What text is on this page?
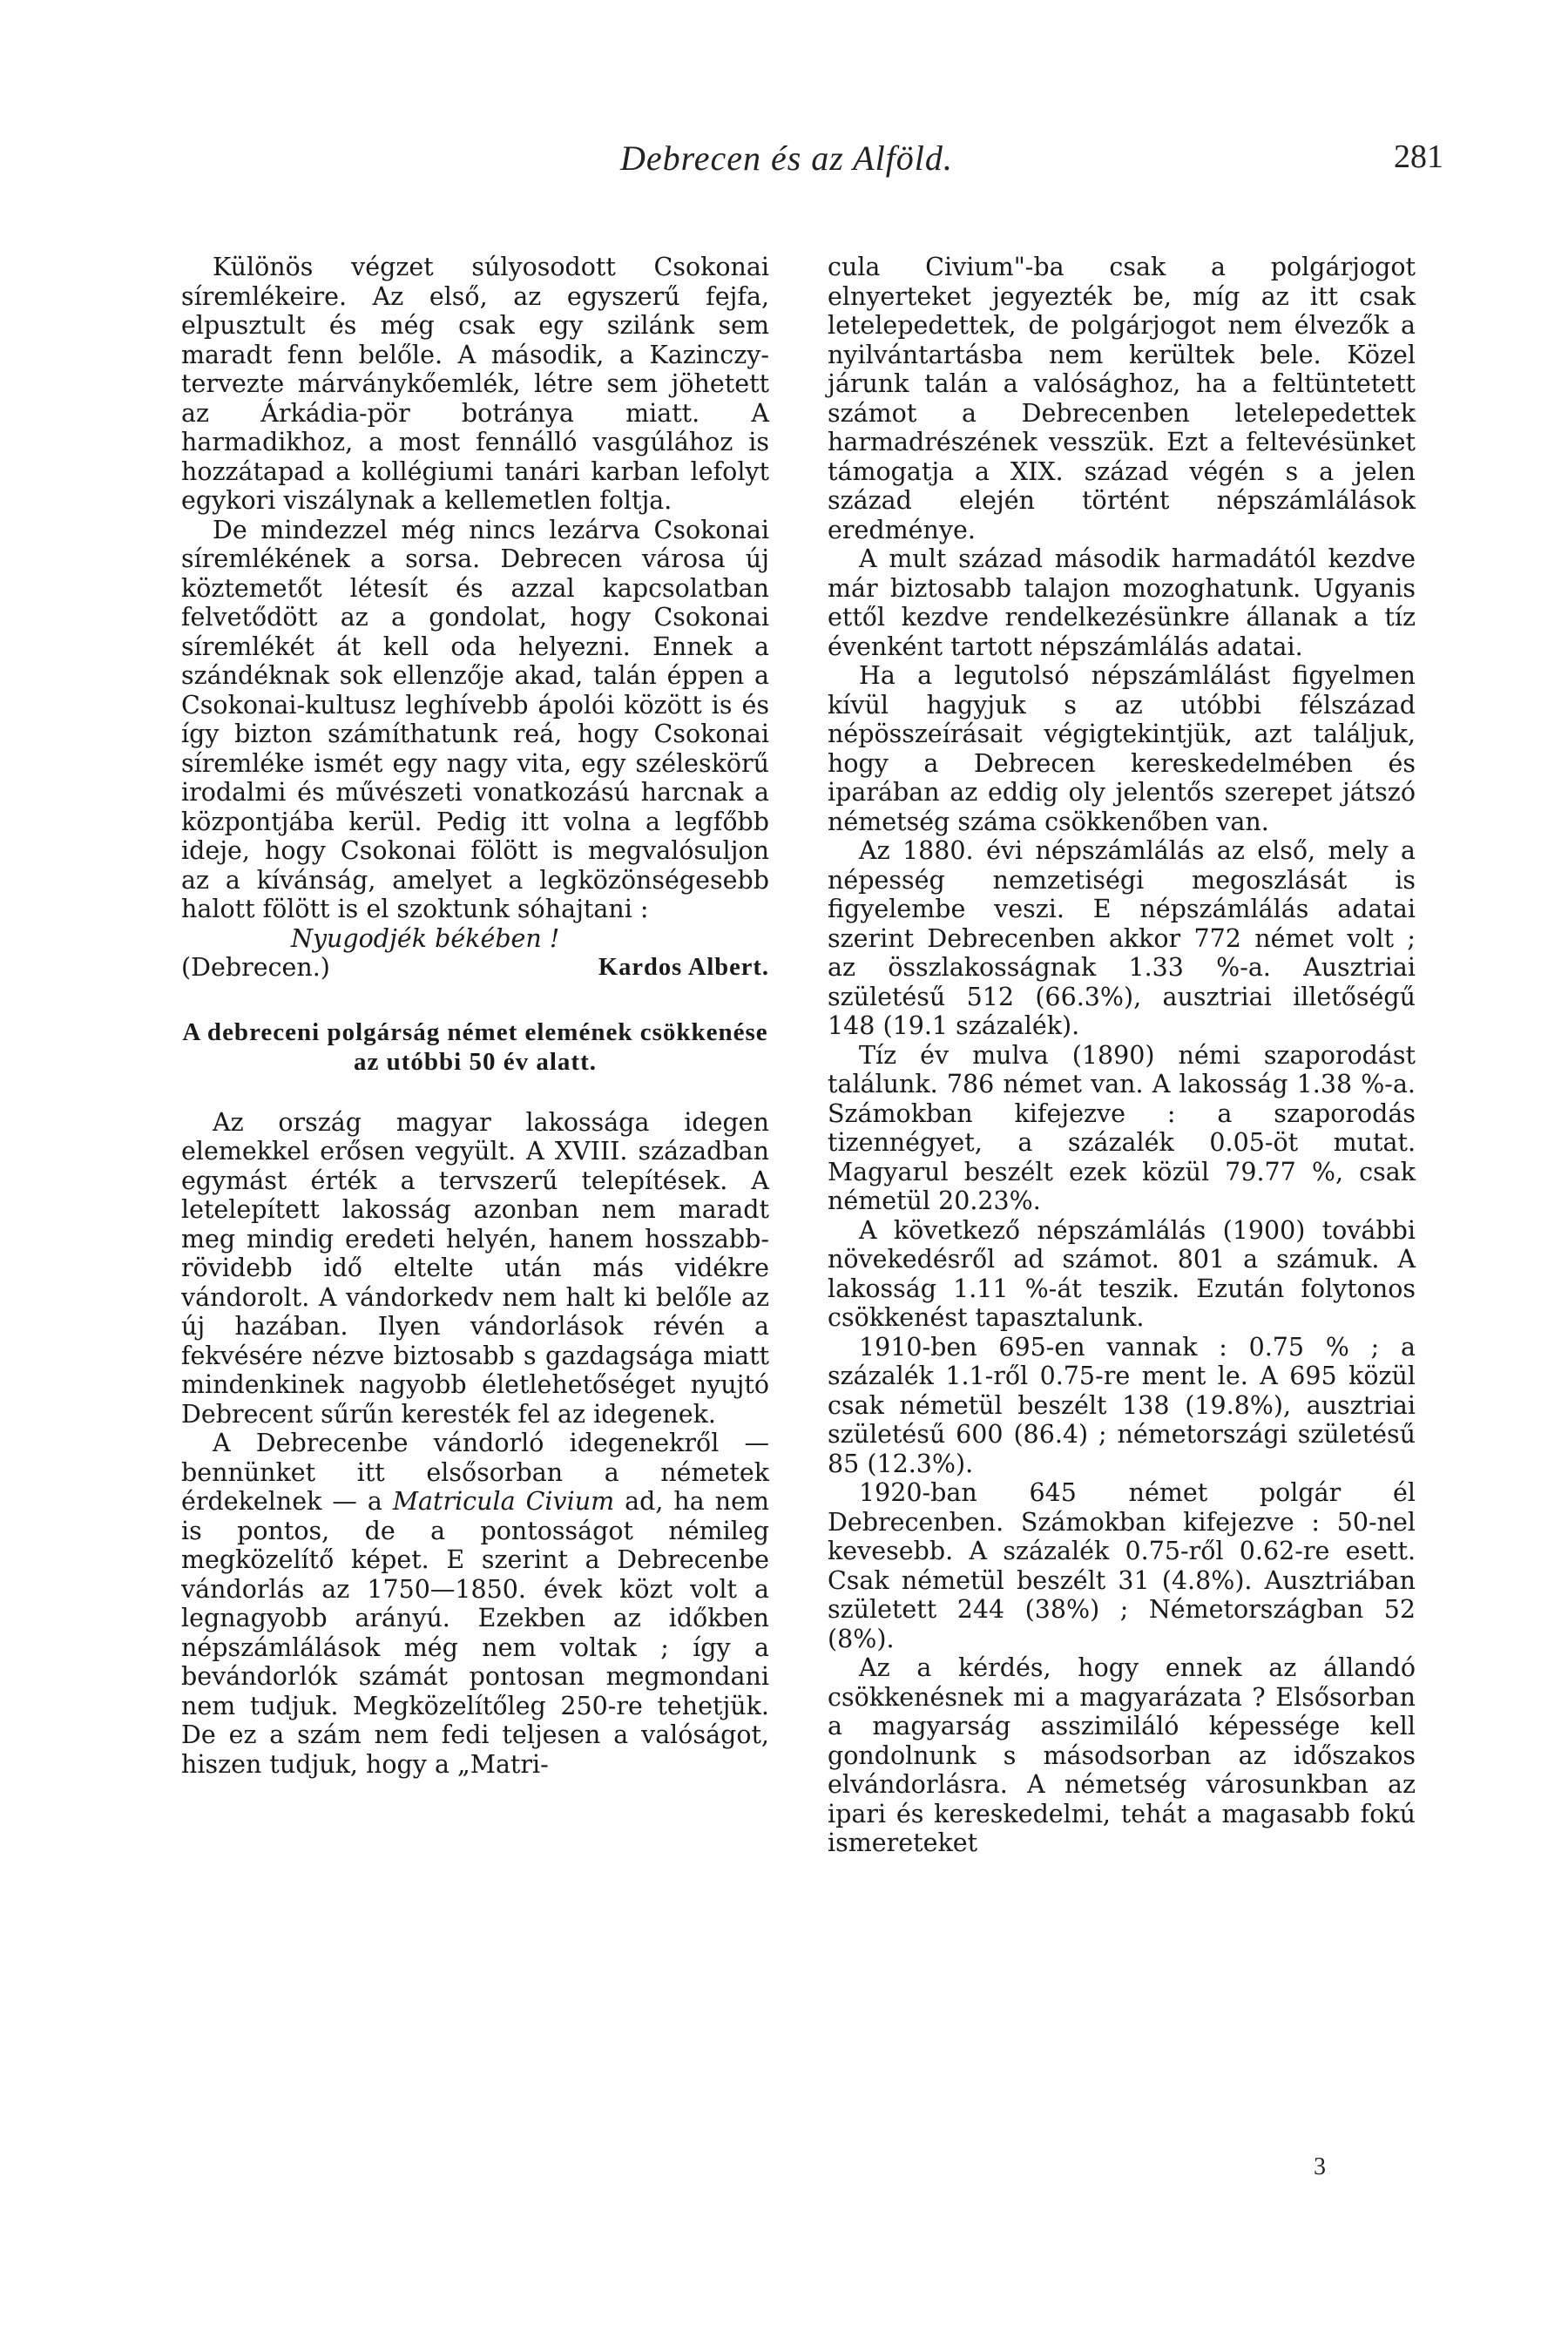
Debrecen és az Alföld.	281

Különös végzet súlyosodott Csokonai síremlékeire. Az első, az egyszerű fejfa, elpusztult és még csak egy szilánk sem maradt fenn belőle. A második, a Kazinczy-tervezte márványkőemlék, létre sem jöhetett az Árkádia-pör botránya miatt. A harmadikhoz, a most fennálló vasgúlához is hozzátapad a kollégiumi tanári karban lefolyt egykori viszálynak a kellemetlen foltja.

De mindezzel még nincs lezárva Csokonai síremlékének a sorsa. Debrecen városa új köztemetőt létesít és azzal kapcsolatban felvetődött az a gondolat, hogy Csokonai síremlékét át kell oda helyezni. Ennek a szándéknak sok ellenzője akad, talán éppen a Csokonai-kultusz leghívebb ápolói között is és így bizton számíthatunk reá, hogy Csokonai síremléke ismét egy nagy vita, egy széleskörű irodalmi és művészeti vonatkozású harcnak a központjába kerül. Pedig itt volna a legfőbb ideje, hogy Csokonai fölött is megvalósuljon az a kívánság, amelyet a legközönségesebb halott fölött is el szoktunk sóhajtani :

Nyugodjék békében !

(Debrecen.)	Kardos Albert.
A debreceni polgárság német elemének csökkenése az utóbbi 50 év alatt.

Az ország magyar lakossága idegen elemekkel erősen vegyült. A XVIII. században egymást érték a tervszerű telepítések. A letelepített lakosság azonban nem maradt meg mindig eredeti helyén, hanem hosszabb-rövidebb idő eltelte után más vidékre vándorolt. A vándorkedv nem halt ki belőle az új hazában. Ilyen vándorlások révén a fekvésére nézve biztosabb s gazdagsága miatt mindenkinek nagyobb életlehetőséget nyujtó Debrecent sűrűn keresték fel az idegenek.

A Debrecenbe vándorló idegenekről — bennünket itt elsősorban a németek érdekelnek — a Matricula Civium ad, ha nem is pontos, de a pontosságot némileg megközelítő képet. E szerint a Debrecenbe vándorlás az 1750—1850. évek közt volt a legnagyobb arányú. Ezekben az időkben népszámlálások még nem voltak ; így a bevándorlók számát pontosan megmondani nem tudjuk. Megközelítőleg 250-re tehetjük. De ez a szám nem fedi teljesen a valóságot, hiszen tudjuk, hogy a „Matri-

cula Civium"-ba csak a polgárjogot elnyerteket jegyezték be, míg az itt csak letelepedettek, de polgárjogot nem élvezők a nyilvántartásba nem kerültek bele. Közel járunk talán a valósághoz, ha a feltüntetett számot a Debrecenben letelepedettek harmadrészének vesszük. Ezt a feltevésünket támogatja a XIX. század végén s a jelen század elején történt népszámlálások eredménye.

A mult század második harmadától kezdve már biztosabb talajon mozoghatunk. Ugyanis ettől kezdve rendelkezésünkre állanak a tíz évenként tartott népszámlálás adatai.

Ha a legutolsó népszámlálást figyelmen kívül hagyjuk s az utóbbi félszázad népösszeírásait végigtekintjük, azt találjuk, hogy a Debrecen kereskedelmében és iparában az eddig oly jelentős szerepet játszó németség száma csökkenőben van.

Az 1880. évi népszámlálás az első, mely a népesség nemzetiségi megoszlását is figyelembe veszi. E népszámlálás adatai szerint Debrecenben akkor 772 német volt ; az összlakosságnak 1.33 %-a. Ausztriai születésű 512 (66.3%), ausztriai illetőségű 148 (19.1 százalék).

Tíz év mulva (1890) némi szaporodást találunk. 786 német van. A lakosság 1.38 %-a. Számokban kifejezve : a szaporodás tizennégyet, a százalék 0.05-öt mutat. Magyarul beszélt ezek közül 79.77 %, csak németül 20.23%.

A következő népszámlálás (1900) további növekedésről ad számot. 801 a számuk. A lakosság 1.11 %-át teszik. Ezután folytonos csökkenést tapasztalunk.

1910-ben 695-en vannak : 0.75 % ; a százalék 1.1-ről 0.75-re ment le. A 695 közül csak németül beszélt 138 (19.8%), ausztriai születésű 600 (86.4) ; németországi születésű 85 (12.3%).

1920-ban 645 német polgár él Debrecenben. Számokban kifejezve : 50-nel kevesebb. A százalék 0.75-ről 0.62-re esett. Csak németül beszélt 31 (4.8%). Ausztriában született 244 (38%) ; Németországban 52 (8%).

Az a kérdés, hogy ennek az állandó csökkenésnek mi a magyarázata ? Elsősorban a magyarság asszimiláló képessége kell gondolnunk s másodsorban az időszakos elvándorlásra. A németség városunkban az ipari és kereskedelmi, tehát a magasabb fokú ismereteket

3
